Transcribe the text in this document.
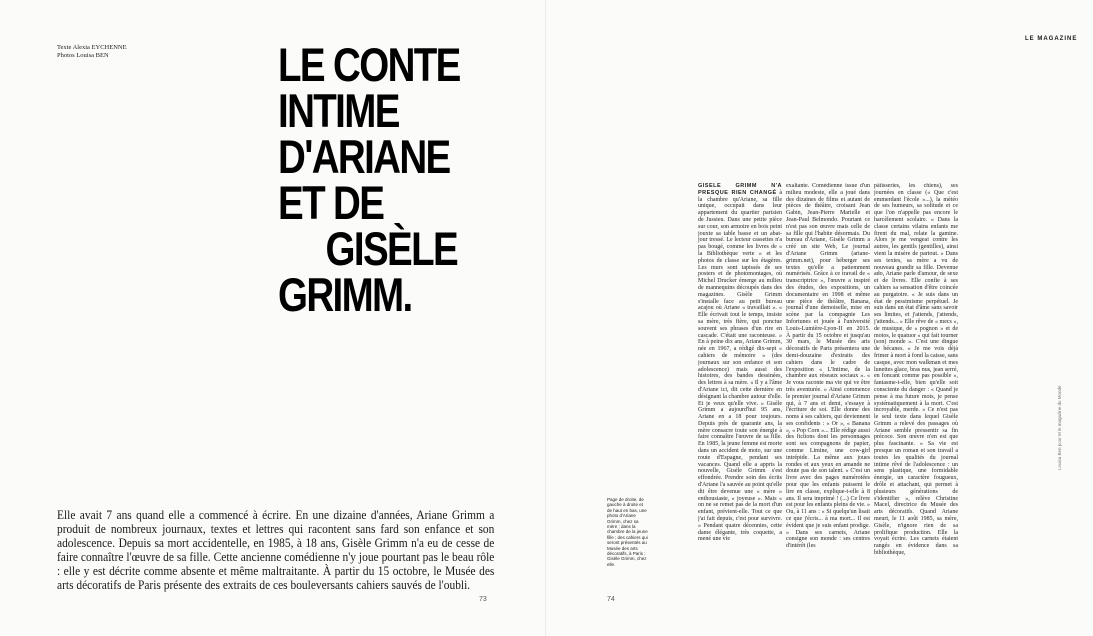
Texte Alexia EYCHENNE
Photos Louisa BEN	LE CONTE
INTIME
D'ARIANE
ET DE
GISÈLE
GRIMM.
Elle avait 7 ans quand elle a commencé à écrire. En une dizaine d'années, Ariane Grimm a produit de nombreux journaux, textes et lettres qui racontent sans fard son enfance et son adolescence. Depuis sa mort accidentelle, en 1985, à 18 ans, Gisèle Grimm n'a eu de cesse de faire connaître l'œuvre de sa fille. Cette ancienne comédienne n'y joue pourtant pas le beau rôle : elle y est décrite comme absente et même maltraitante. À partir du 15 octobre, le Musée des arts décoratifs de Paris présente des extraits de ces bouleversants cahiers sauvés de l'oubli.
73	74
LE MAGAZINE
Page de droite, de gauche à droite et de haut en bas, une photo d'Ariane Grimm, chez sa mère ; dans la chambre de la jeune fille ; des cahiers qui seront présentés au Musée des arts décoratifs, à Paris ; Gisèle Grimm, chez elle.
Louisa Ben pour M le magazine du Monde

GISÈLE GRIMM N'A PRESQUE RIEN CHANGÉ à la chambre qu'Ariane, sa fille unique, occupait dans leur appartement du quartier parisien de Jussieu. Dans une petite pièce sur cour, son armoire en bois peint jouxte sa table basse et un abat-jour tressé. Le lecteur cassettes n'a pas bougé, comme les livres de « la Bibliothèque verte » et les photos de classe sur les étagères. Les murs sont tapissés de ses posters et de photomontages, où Michel Drucker émerge au milieu de mannequins découpés dans des magazines. Gisèle Grimm s'installe face au petit bureau acajou où Ariane « travaillait ». « Elle écrivait tout le temps, insiste sa mère, très fière, qui ponctue souvent ses phrases d'un rire en cascade. C'était une raconteuse. » En à peine dix ans, Ariane Grimm, née en 1967, a rédigé dix-sept « cahiers de mémoire » (des journaux sur son enfance et son adolescence) mais aussi des histoires, des bandes dessinées, des lettres à sa mère. « Il y a l'âme d'Ariane ici, dit cette dernière en désignant la chambre autour d'elle. Et je veux qu'elle vive. » Gisèle Grimm a aujourd'hui 95 ans, Ariane en a 18 pour toujours. Depuis près de quarante ans, la mère consacre toute son énergie à faire connaître l'œuvre de sa fille. En 1985, la jeune femme est morte dans un accident de moto, sur une route d'Espagne, pendant ses vacances. Quand elle a appris la nouvelle, Gisèle Grimm s'est effondrée. Prendre soin des écrits d'Ariane l'a sauvée au point qu'elle dit être devenue une « mère » enthousiaste, « joyeuse ». Mais « on ne se remet pas de la mort d'un enfant, prévient-elle. Tout ce que j'ai fait depuis, c'est pour survivre. » Pendant quatre décennies, cette dame élégante, très coquette, a mené une vie

exaltante. Comédienne issue d'un milieu modeste, elle a joué dans des dizaines de films et autant de pièces de théâtre, croisant Jean Gabin, Jean-Pierre Marielle et Jean-Paul Belmondo. Pourtant ce n'est pas son œuvre mais celle de sa fille qui l'habite désormais. Du bureau d'Ariane, Gisèle Grimm a créé un site Web, Le journal d'Ariane Grimm (ariane-grimm.net), pour héberger ses textes qu'elle a patiemment numérisés. Grâce à ce travail de « transcriptrice », l'œuvre a inspiré des études, des expositions, un documentaire en 1998 et même une pièce de théâtre, Banana, journal d'une demoiselle, mise en scène par la compagnie Les Infortunes et jouée à l'université Louis-Lumière-Lyon-II en 2015. À partir du 15 octobre et jusqu'au 30 mars, le Musée des arts décoratifs de Paris présentera une demi-douzaine d'extraits des cahiers dans le cadre de l'exposition « L'Intime, de la chambre aux réseaux sociaux ». « Je vous raconte ma vie qui ve être très aventurée. » Ainsi commence le premier journal d'Ariane Grimm qui, à 7 ans et demi, s'essaye à l'écriture de soi. Elle donne des noms à ses cahiers, qui deviennent ses confidents : « Or », « Banana », « Pop Corn »... Elle rédige aussi des fictions dont les personnages sont ses compagnons de papier, comme Limine, une cow-girl intrépide. La même aux joues rondes et aux yeux en amande ne doute pas de son talent. « C'est un livre avec des pages numérotées pour que les enfants puissent le lire en classe, explique-t-elle à 8 ans. Il sera imprimé ! (...) Ce livre est pour les enfants pleins de vie. » Ou, à 11 ans : « Si quelqu'un lisait ce que j'écris... à ma mort... Il est évident que je suis enfant prodige. » Dans ses carnets, Ariane consigne son monde : ses centres d'intérêt (les

pâtisseries, les chiens), ses journées en classe (« Que c'est emmerdant l'école »...), la météo de ses humeurs, sa solitude et ce que l'on n'appelle pas encore le harcèlement scolaire. « Dans la classe certains vilains enfants me firent du mal, relate la gamine. Alors je me vengeai contre les autres, les gentils (gentilles), ainsi vient la misère de partout. » Dans ses textes, sa mère a vu de nouveau grandir sa fille. Devenue ado, Ariane parle d'amour, de sexe et de livres. Elle confie à ses cahiers sa sensation d'être coincée au purgatoire. « Je suis dans un état de pessimisme perpétuel. Je suis dans un état d'âme sans savoir ses limites, et j'attends, j'attends, j'attends... » Elle rêve de « mecs », de musique, de « pognon » et de motos, le quatuor « qui fait tourner (son) monde ». C'est une dingue de bécanes. « Je me vois déjà frimer à mort à fond la caisse, sans casque, avec mon walkman et mes lunettes glace, bras nus, jean serré, en foncant comme pas possible », fantasme-t-elle, bien qu'elle soit consciente du danger : « Quand je pense à ma future mots, je pense systématiquement à la mort. C'est incroyable, merde. » Ce n'est pas le seul texte dans lequel Gisèle Grimm a relevé des passages où Ariane semble pressentir sa fin précoce. Son œuvre n'en est que plus fascinante. « Sa vie est presque un roman et son travail a toutes les qualités du journal intime rêvé de l'adolescence : un sens plastique, une formidable énergie, un caractère fougueux, drôle et attachant, qui permet à plusieurs générations de s'identifier », relève Christine Macel, directrice du Musée des arts décoratifs. Quand Ariane meurt, le 11 août 1985, sa mère, Gisèle, n'ignore rien de sa prolifique production. Elle la voyait écrire. Les carnets étaient rangés en évidence dans sa bibliothèque,
